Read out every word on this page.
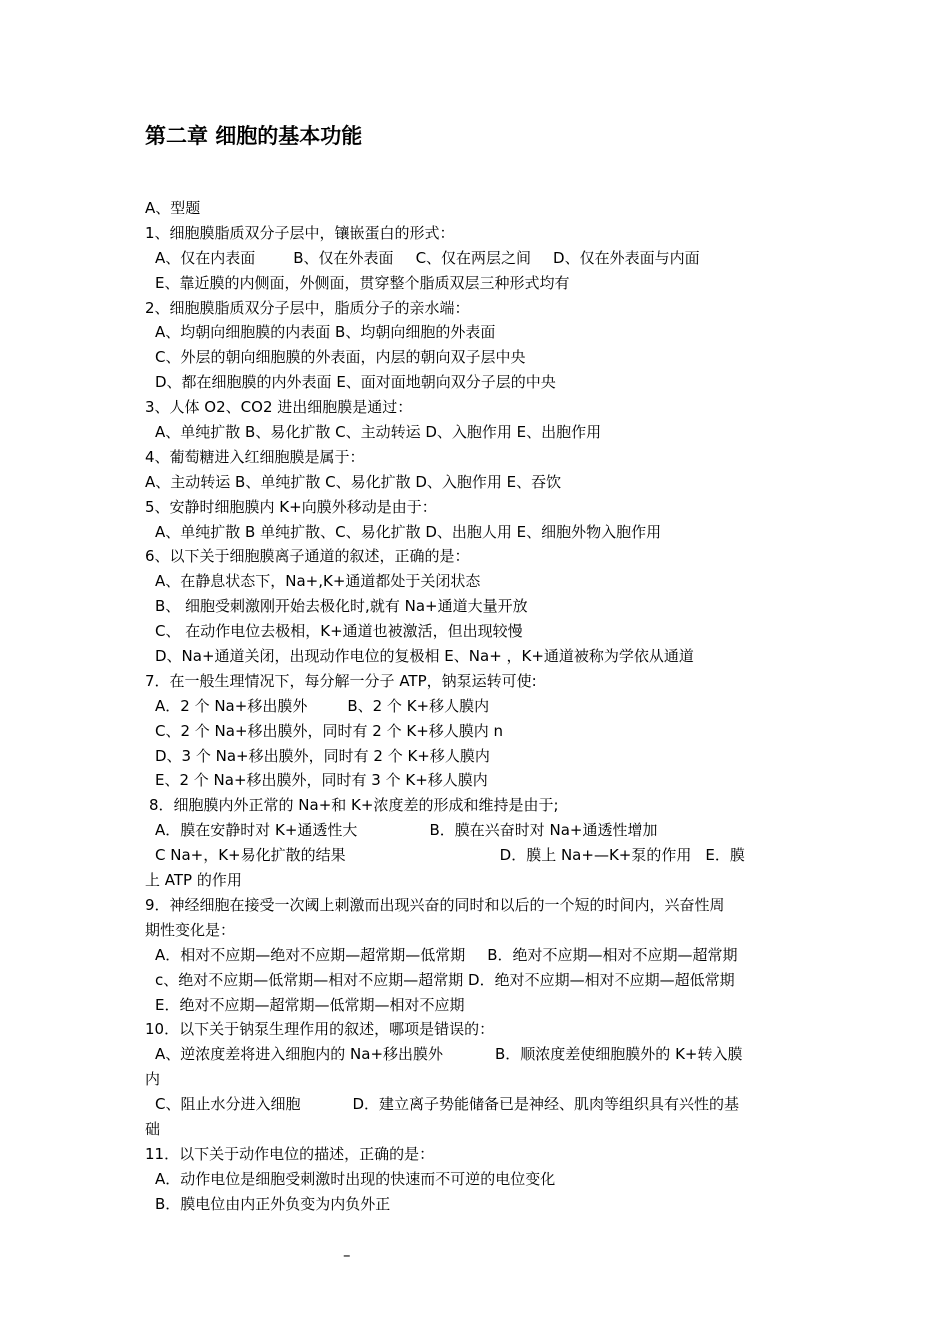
第二章 细胞的基本功能
A、型题
1、细胞膜脂质双分子层中，镶嵌蛋白的形式：
A、仅在内表面	B、仅在外表面 C、仅在两层之间 D、仅在外表面与内面
E、靠近膜的内侧面，外侧面，贯穿整个脂质双层三种形式均有
2、细胞膜脂质双分子层中，脂质分子的亲水端：
A、均朝向细胞膜的内表面 B、均朝向细胞的外表面
C、外层的朝向细胞膜的外表面，内层的朝向双子层中央
D、都在细胞膜的内外表面 E、面对面地朝向双分子层的中央
3、人体 O2、CO2 进出细胞膜是通过：
A、单纯扩散 B、易化扩散 C、主动转运 D、入胞作用 E、出胞作用
4、葡萄糖进入红细胞膜是属于：
A、主动转运 B、单纯扩散 C、易化扩散 D、入胞作用 E、吞饮
5、安静时细胞膜内 K+向膜外移动是由于：
A、单纯扩散 B 单纯扩散、C、易化扩散 D、出胞人用 E、细胞外物入胞作用
6、以下关于细胞膜离子通道的叙述，正确的是：
A、在静息状态下，Na+,K+通道都处于关闭状态
B、 细胞受刺激刚开始去极化时,就有 Na+通道大量开放
C、 在动作电位去极相，K+通道也被激活，但出现较慢
D、Na+通道关闭，出现动作电位的复极相 E、Na+ ，K+通道被称为学依从通道
7．在一般生理情况下，每分解一分子 ATP，钠泵运转可使:
A．2 个 Na+移出膜外	B、2 个 K+移人膜内
C、2 个 Na+移出膜外，同时有 2 个 K+移人膜内 n
D、3 个 Na+移出膜外，同时有 2 个 K+移人膜内
E、2 个 Na+移出膜外，同时有 3 个 K+移人膜内
8．细胞膜内外正常的 Na+和 K+浓度差的形成和维持是由于;
A．膜在安静时对 K+通透性大	B．膜在兴奋时对 Na+通透性增加
C Na+，K+易化扩散的结果	D．膜上 Na+—K+泵的作用 E．膜
上 ATP 的作用
9．神经细胞在接受一次阈上刺激而出现兴奋的同时和以后的一个短的时间内，兴奋性周
期性变化是：
A．相对不应期—绝对不应期—超常期—低常期 B．绝对不应期—相对不应期—超常期
c、绝对不应期—低常期—相对不应期—超常期 D．绝对不应期—相对不应期—超低常期
E．绝对不应期—超常期—低常期—相对不应期
10．以下关于钠泵生理作用的叙述，哪项是错误的：
A、逆浓度差将进入细胞内的 Na+移出膜外	B．顺浓度差使细胞膜外的 K+转入膜
内
C、阻止水分进入细胞	D．建立离子势能储备已是神经、肌肉等组织具有兴性的基
础
11．以下关于动作电位的描述，正确的是：
A．动作电位是细胞受刺激时出现的快速而不可逆的电位变化
B．膜电位由内正外负变为内负外正
–
